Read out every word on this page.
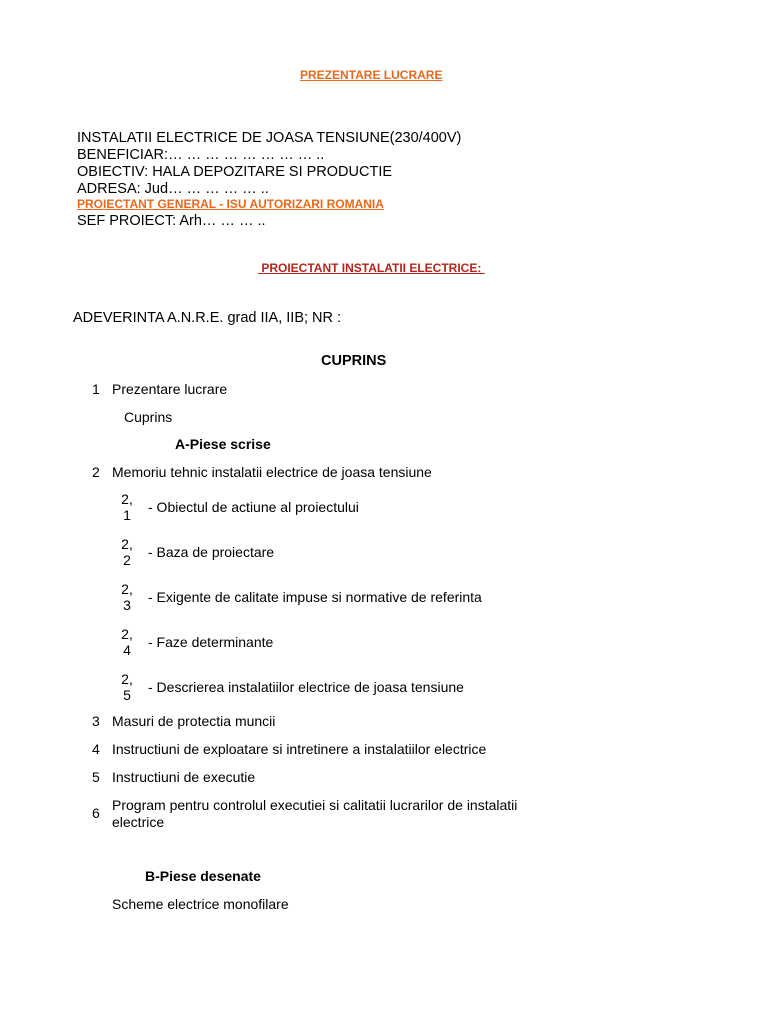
PREZENTARE LUCRARE
INSTALATII ELECTRICE DE JOASA TENSIUNE(230/400V)
BENEFICIAR:… … … … … … … … ..
OBIECTIV: HALA DEPOZITARE SI PRODUCTIE
ADRESA: Jud… … … … … ..
PROIECTANT GENERAL - ISU AUTORIZARI ROMANIA
SEF PROIECT: Arh… … … ..
PROIECTANT INSTALATII ELECTRICE:
ADEVERINTA A.N.R.E. grad IIA, IIB; NR :
CUPRINS
1 Prezentare lucrare
Cuprins
A-Piese scrise
2 Memoriu tehnic instalatii electrice de joasa tensiune
2,
1 - Obiectul de actiune al proiectului
2,
2 - Baza de proiectare
2,
3 - Exigente de calitate impuse si normative de referinta
2,
4 - Faze determinante
2,
5 - Descrierea instalatiilor electrice de joasa tensiune
3 Masuri de protectia muncii
4 Instructiuni de exploatare si intretinere a instalatiilor electrice
5 Instructiuni de executie
6 Program pentru controlul executiei si calitatii lucrarilor de instalatii
electrice
B-Piese desenate
Scheme electrice monofilare
